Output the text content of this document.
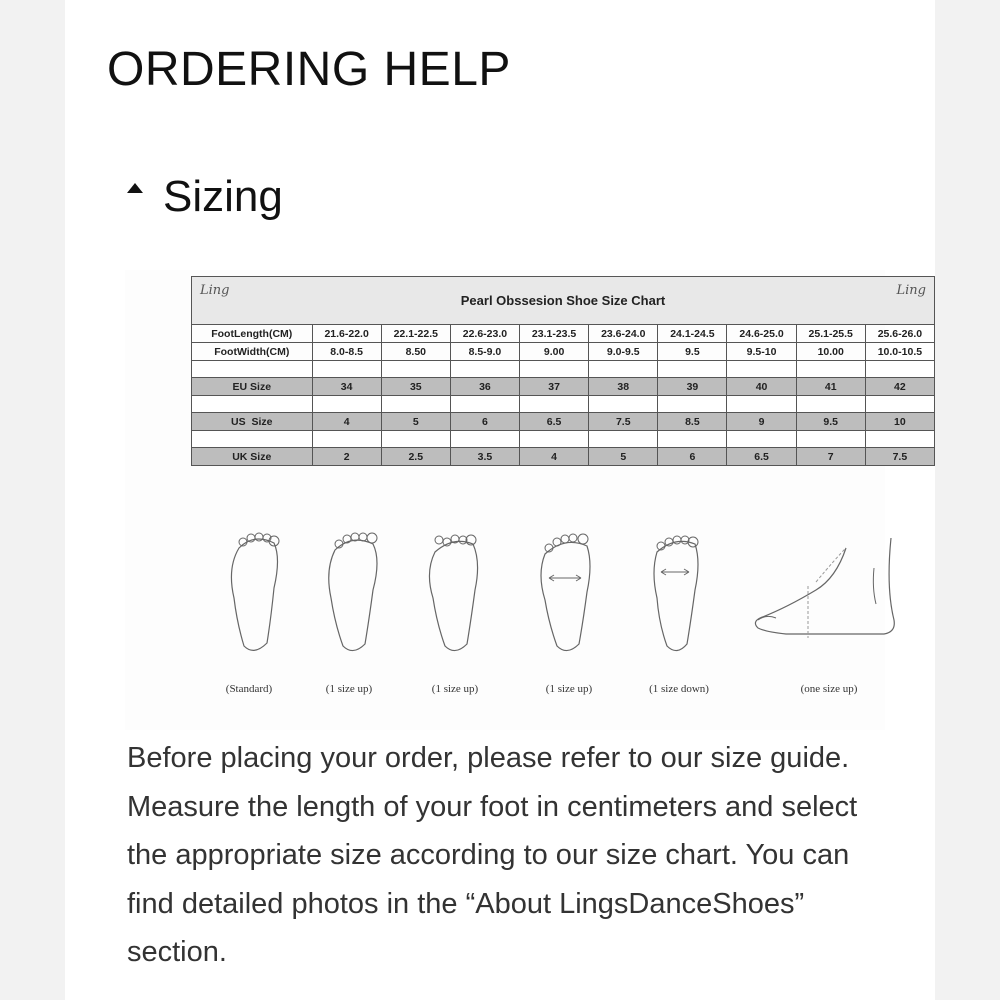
ORDERING HELP
Sizing
Ling
Pearl Obssesion Shoe Size Chart
Ling									

FootLength(CM)	21.6-22.0	22.1-22.5	22.6-23.0	23.1-23.5	23.6-24.0	24.1-24.5	24.6-25.0	25.1-25.5	25.6-26.0
FootWidth(CM)	8.0-8.5	8.50	8.5-9.0	9.00	9.0-9.5	9.5	9.5-10	10.00	10.0-10.5

EU Size	34	35	36	37	38	39	40	41	42

US  Size	4	5	6	6.5	7.5	8.5	9	9.5	10

UK Size	2	2.5	3.5	4	5	6	6.5	7	7.5
(Standard)	(1 size up)	(1 size up)	(1 size up)	(1 size down)	(one size up)

Before placing your order, please refer to our size guide. Measure the length of your foot in centimeters and select the appropriate size according to our size chart. You can find detailed photos in the “About LingsDanceShoes” section.
